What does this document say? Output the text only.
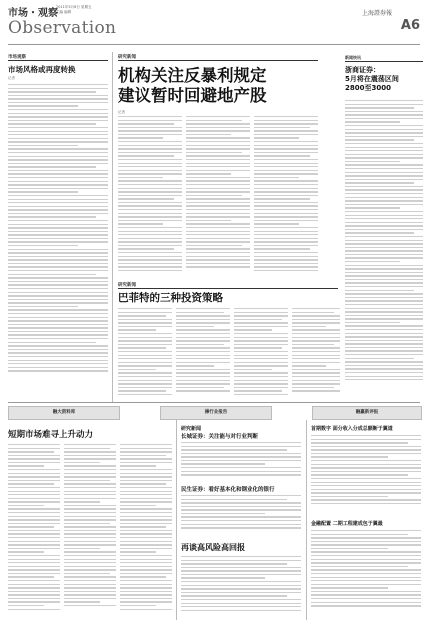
市场・观察
2011年5月6日 星期五
主编 编辑
Observation
上海證券報
A6
市场观察
市场风格或再度转换
记者
研究新闻
机构关注反暴利规定
建议暂时回避地产股
记者
新闻快讯
浙商证券：
5月将在震荡区间
2800至3000
研究新闻
巴菲特的三种投资策略
融大资料库	操行业报告	融赢新评报
短期市场难寻上升动力
研究新闻
长城证券：关注能与对行业判断
民生证券：看好基本化和钢业化的银行
再谈高风险高回报
首期数字 面分收入分成总额断于翼道
金融配置 二期工程建成包于翼最
